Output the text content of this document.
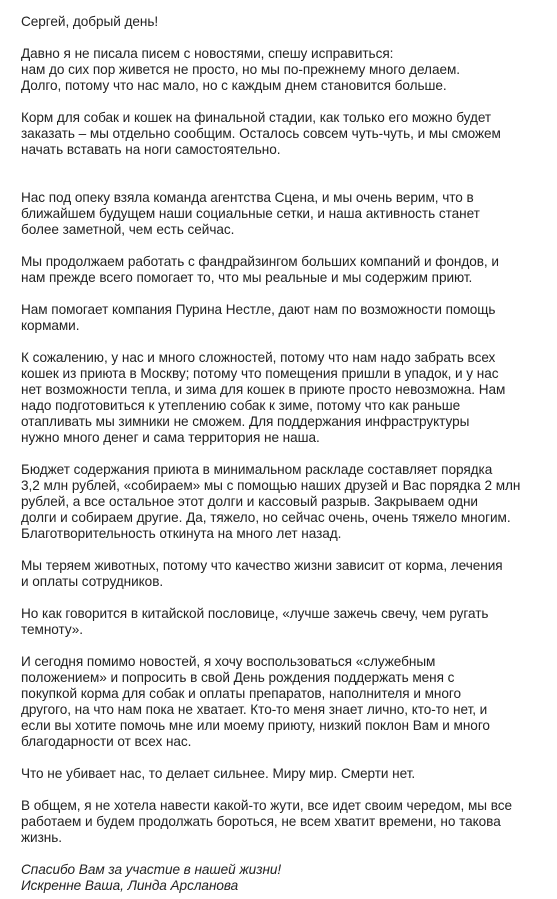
Сергей, добрый день!
Давно я не писала писем с новостями, спешу исправиться:
нам до сих пор живется не просто, но мы по-прежнему много делаем.
Долго, потому что нас мало, но с каждым днем становится больше.
Корм для собак и кошек на финальной стадии, как только его можно будет
заказать – мы отдельно сообщим. Осталось совсем чуть-чуть, и мы сможем
начать вставать на ноги самостоятельно.
Нас под опеку взяла команда агентства Сцена, и мы очень верим, что в
ближайшем будущем наши социальные сетки, и наша активность станет
более заметной, чем есть сейчас.
Мы продолжаем работать с фандрайзингом больших компаний и фондов, и
нам прежде всего помогает то, что мы реальные и мы содержим приют.
Нам помогает компания Пурина Нестле, дают нам по возможности помощь
кормами.
К сожалению, у нас и много сложностей, потому что нам надо забрать всех
кошек из приюта в Москву; потому что помещения пришли в упадок, и у нас
нет возможности тепла, и зима для кошек в приюте просто невозможна. Нам
надо подготовиться к утеплению собак к зиме, потому что как раньше
отапливать мы зимники не сможем. Для поддержания инфраструктуры
нужно много денег и сама территория не наша.
Бюджет содержания приюта в минимальном раскладе составляет порядка
3,2 млн рублей, «собираем» мы с помощью наших друзей и Вас порядка 2 млн
рублей, а все остальное этот долги и кассовый разрыв. Закрываем одни
долги и собираем другие. Да, тяжело, но сейчас очень, очень тяжело многим.
Благотворительность откинута на много лет назад.
Мы теряем животных, потому что качество жизни зависит от корма, лечения
и оплаты сотрудников.
Но как говорится в китайской пословице, «лучше зажечь свечу, чем ругать
темноту».
И сегодня помимо новостей, я хочу воспользоваться «служебным
положением» и попросить в свой День рождения поддержать меня с
покупкой корма для собак и оплаты препаратов, наполнителя и много
другого, на что нам пока не хватает. Кто-то меня знает лично, кто-то нет, и
если вы хотите помочь мне или моему приюту, низкий поклон Вам и много
благодарности от всех нас.
Что не убивает нас, то делает сильнее. Миру мир. Смерти нет.
В общем, я не хотела навести какой-то жути, все идет своим чередом, мы все
работаем и будем продолжать бороться, не всем хватит времени, но такова
жизнь.
Спасибо Вам за участие в нашей жизни!
Искренне Ваша, Линда Арсланова
